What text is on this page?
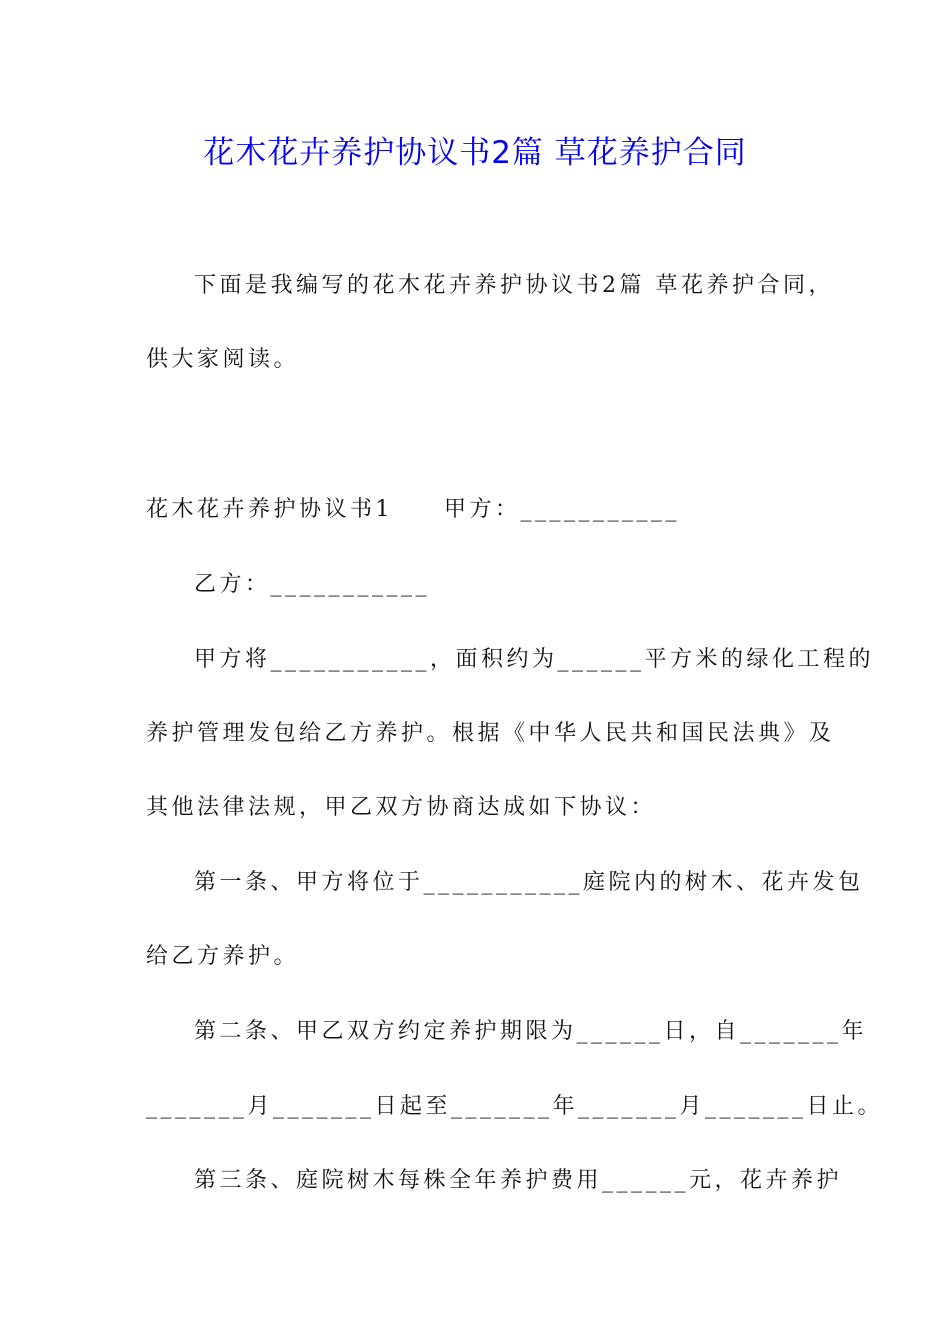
花木花卉养护协议书2篇 草花养护合同
下面是我编写的花木花卉养护协议书2篇 草花养护合同，
供大家阅读。
花木花卉养护协议书1　　甲方：___________
乙方：___________
甲方将___________，面积约为______平方米的绿化工程的
养护管理发包给乙方养护。根据《中华人民共和国民法典》及
其他法律法规，甲乙双方协商达成如下协议：
第一条、甲方将位于___________庭院内的树木、花卉发包
给乙方养护。
第二条、甲乙双方约定养护期限为______日，自_______年
_______月_______日起至_______年_______月_______日止。
第三条、庭院树木每株全年养护费用______元，花卉养护
